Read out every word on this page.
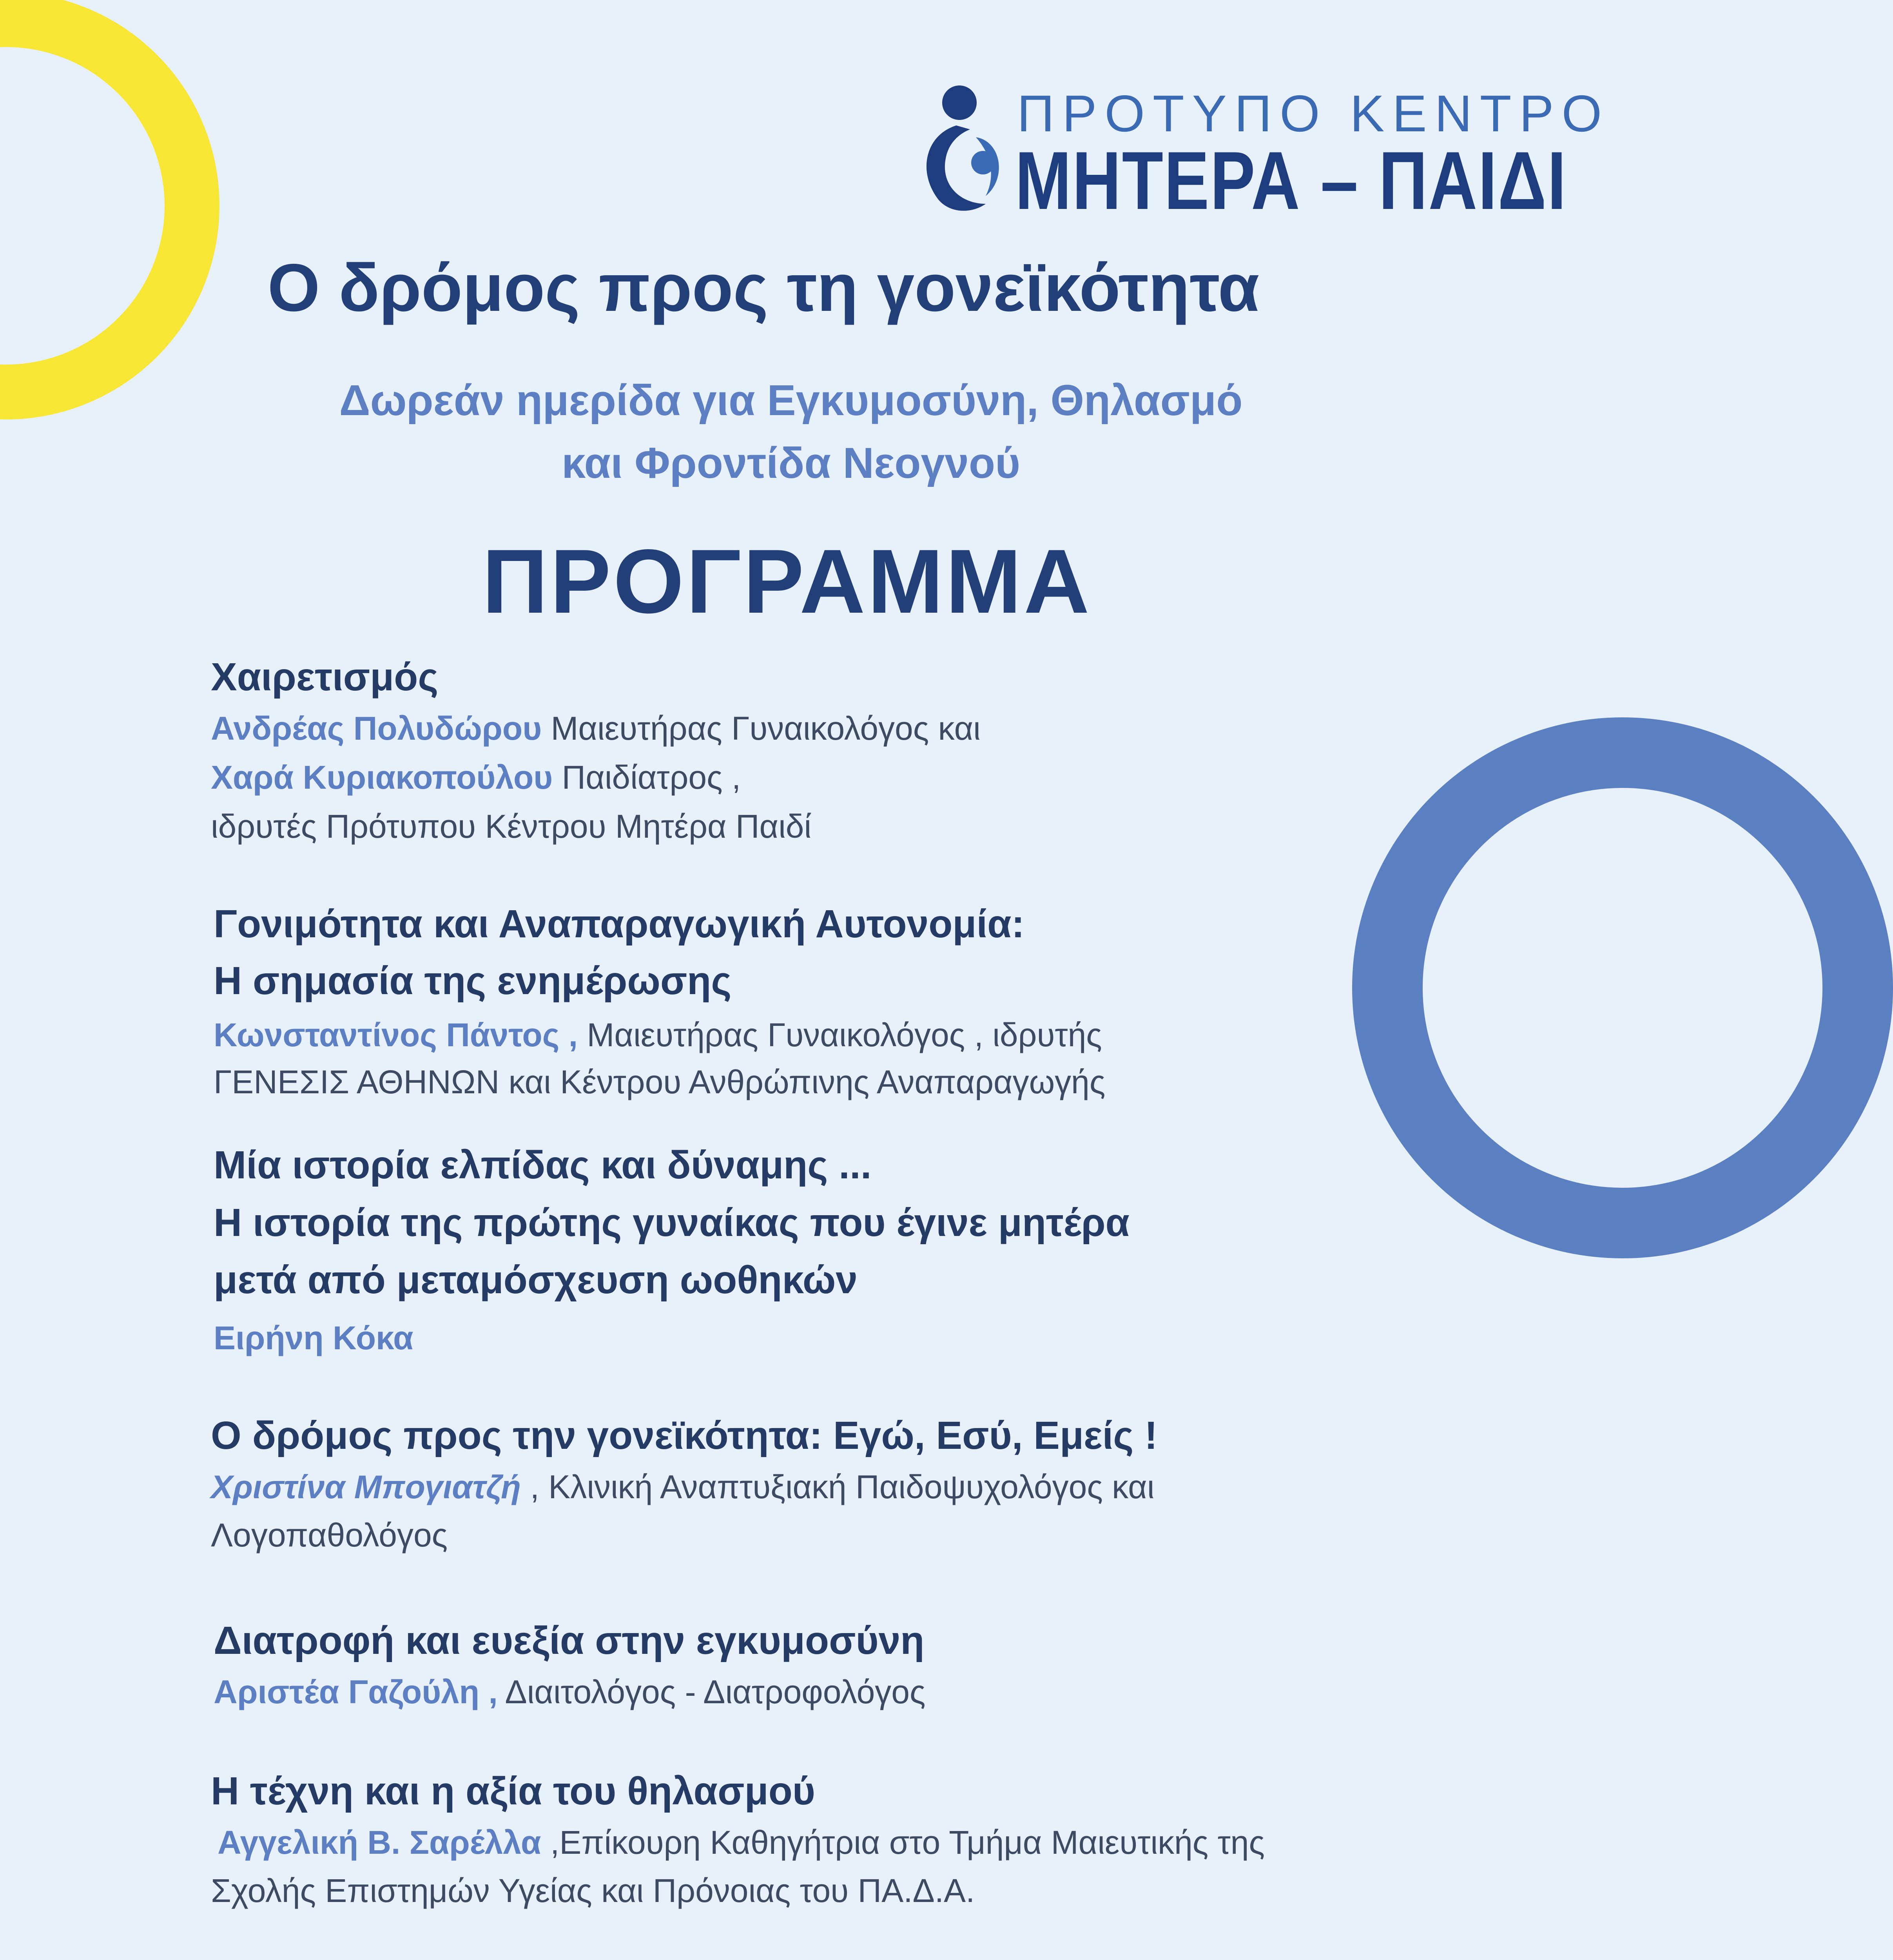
ΠΡΟΤΥΠΟ ΚΕΝΤΡΟ
ΜΗΤΕΡΑ – ΠΑΙΔΙ
Ο δρόμος προς τη γονεϊκότητα
Δωρεάν ημερίδα για Εγκυμοσύνη, Θηλασμό
και Φροντίδα Νεογνού
ΠΡΟΓΡΑΜΜΑ
Χαιρετισμός
Ανδρέας Πολυδώρου Μαιευτήρας Γυναικολόγος και
Χαρά Κυριακοπούλου Παιδίατρος ,
ιδρυτές Πρότυπου Κέντρου Μητέρα Παιδί
Γονιμότητα και Αναπαραγωγική Αυτονομία:
Η σημασία της ενημέρωσης
Κωνσταντίνος Πάντος , Μαιευτήρας Γυναικολόγος , ιδρυτής
ΓΕΝΕΣΙΣ ΑΘΗΝΩΝ και Κέντρου Ανθρώπινης Αναπαραγωγής
Μία ιστορία ελπίδας και δύναμης ...
Η ιστορία της πρώτης γυναίκας που έγινε μητέρα
μετά από μεταμόσχευση ωοθηκών
Ειρήνη Κόκα
Ο δρόμος προς την γονεϊκότητα: Εγώ, Εσύ, Εμείς !
Χριστίνα Μπογιατζή , Κλινική Αναπτυξιακή Παιδοψυχολόγος και
Λογοπαθολόγος
Διατροφή και ευεξία στην εγκυμοσύνη
Αριστέα Γαζούλη , Διαιτολόγος - Διατροφολόγος
Η τέχνη και η αξία του θηλασμού
Αγγελική Β. Σαρέλλα ,Επίκουρη Καθηγήτρια στο Τμήμα Μαιευτικής της
Σχολής Επιστημών Υγείας και Πρόνοιας του ΠΑ.Δ.Α.
